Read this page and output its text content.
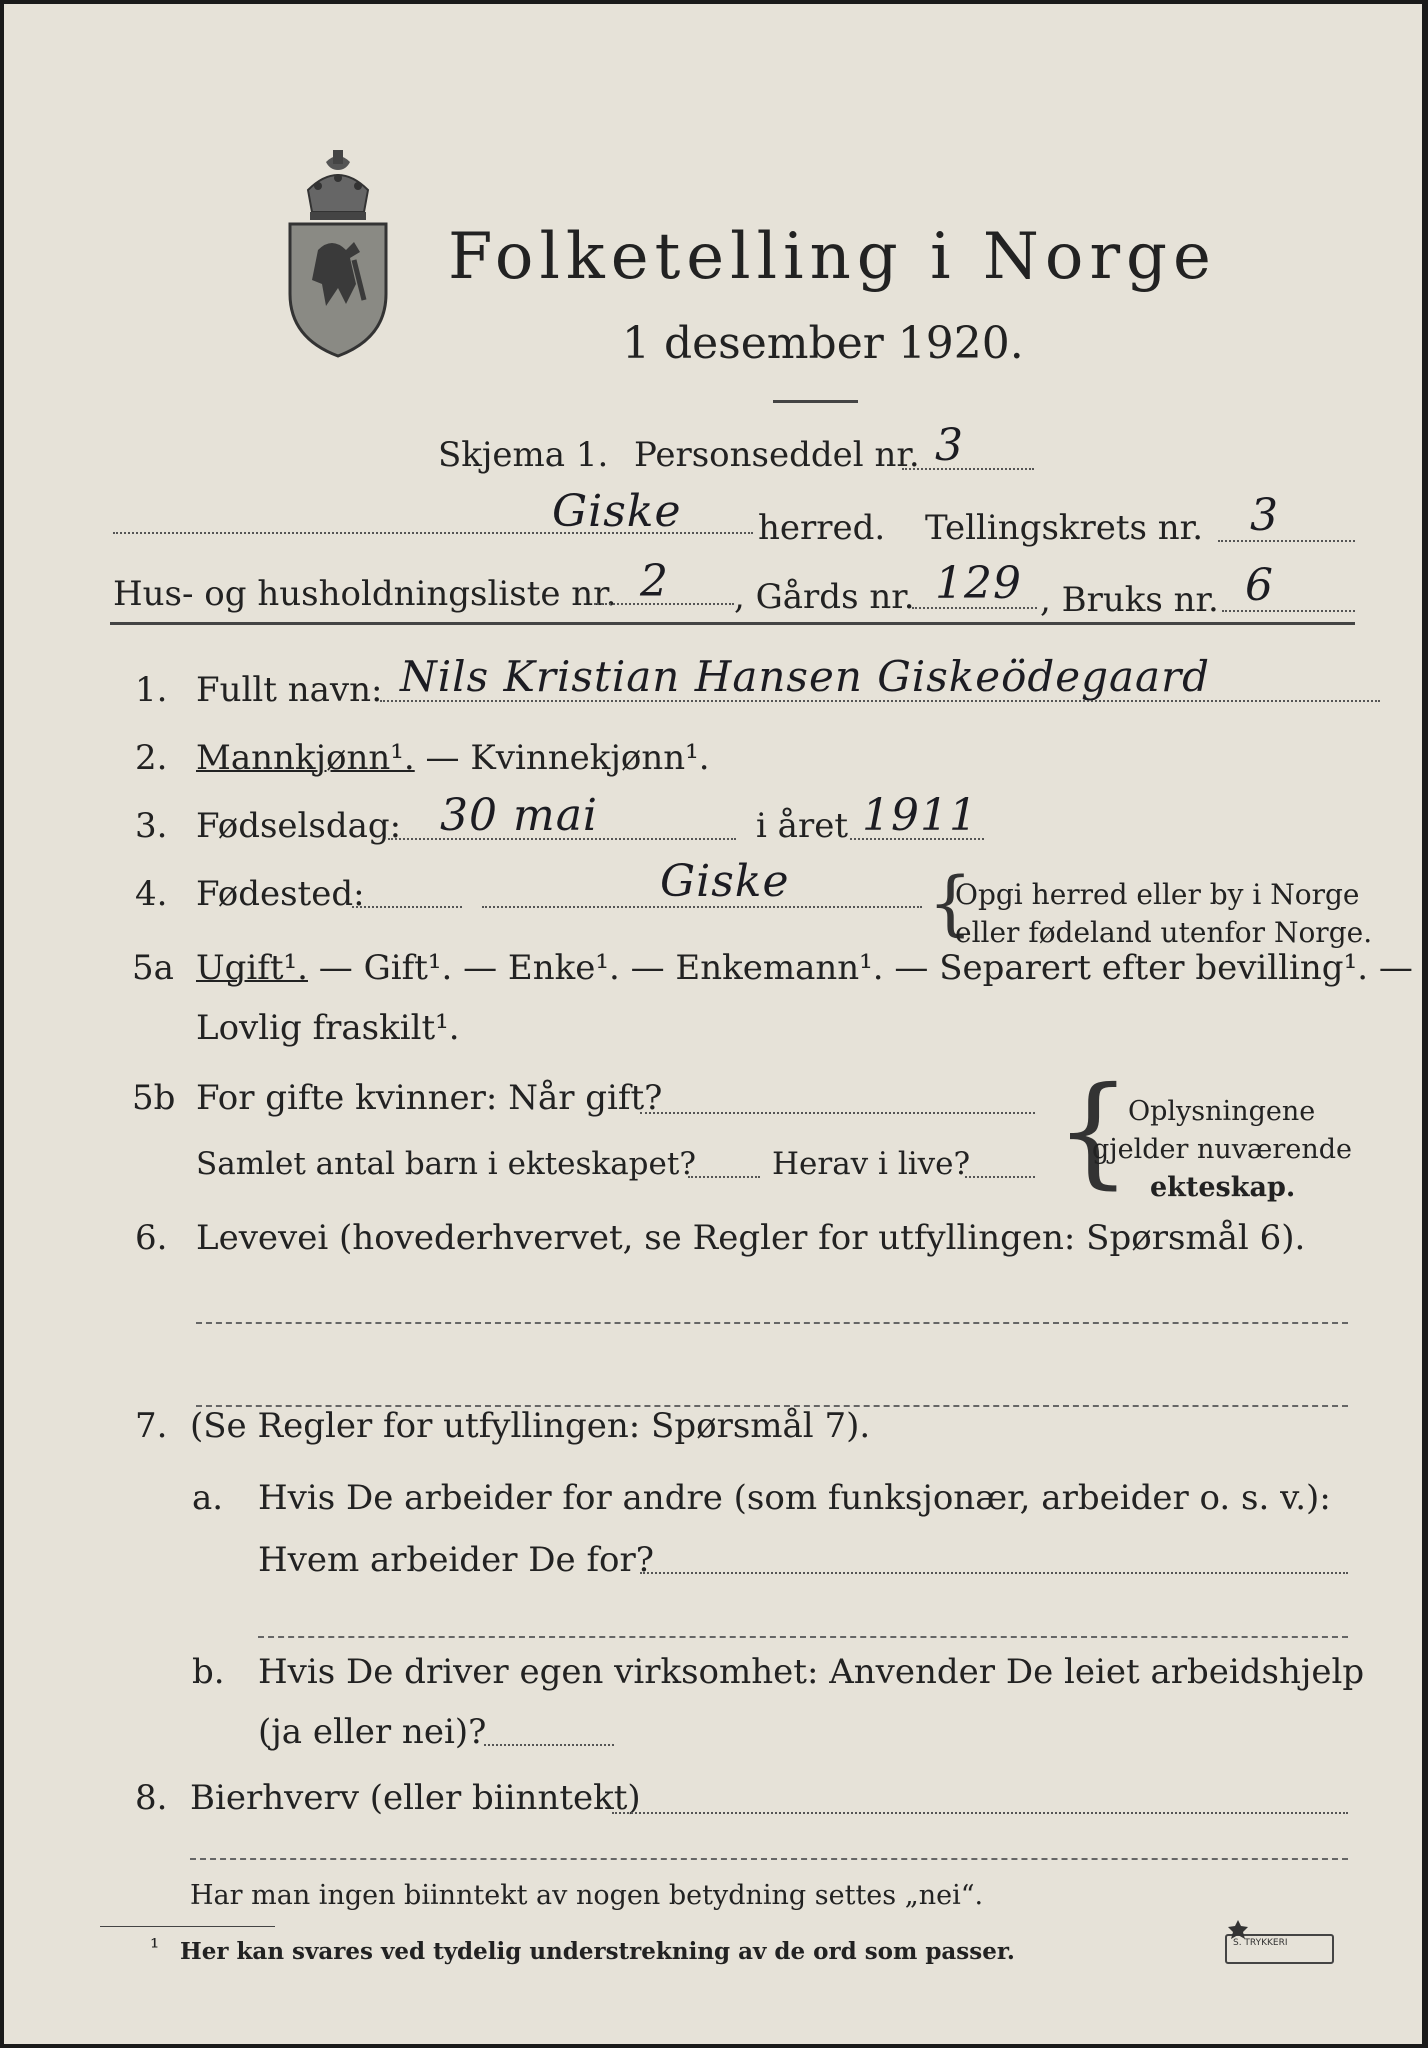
Folketelling i Norge
1 desember 1920.
Skjema 1. Personseddel nr. 3
Giske herred. Tellingskrets nr. 3
Hus- og husholdningsliste nr. 2 , Gårds nr. 129 , Bruks nr. 6
1. Fullt navn: Nils Kristian Hansen Giskeödegaard
2. Mannkjønn¹. — Kvinnekjønn¹.
3. Fødselsdag: 30 mai	i året 1911
4. Fødested:	Giske {
Opgi herred eller by i Norge
eller fødeland utenfor Norge.
5a Ugift¹. — Gift¹. — Enke¹. — Enkemann¹. — Separert efter bevilling¹. —
Lovlig fraskilt¹.
5b For gifte kvinner: Når gift?
Samlet antal barn i ekteskapet? Herav i live? {
Oplysningene
gjelder nuværende
ekteskap.
6. Levevei (hovederhvervet, se Regler for utfyllingen: Spørsmål 6).
7. (Se Regler for utfyllingen: Spørsmål 7).
a. Hvis De arbeider for andre (som funksjonær, arbeider o. s. v.):
Hvem arbeider De for?
b. Hvis De driver egen virksomhet: Anvender De leiet arbeidshjelp
(ja eller nei)?
8. Bierhverv (eller biinntekt)
Har man ingen biinntekt av nogen betydning settes „nei“.
¹ Her kan svares ved tydelig understrekning av de ord som passer.	S. TRYKKERI
